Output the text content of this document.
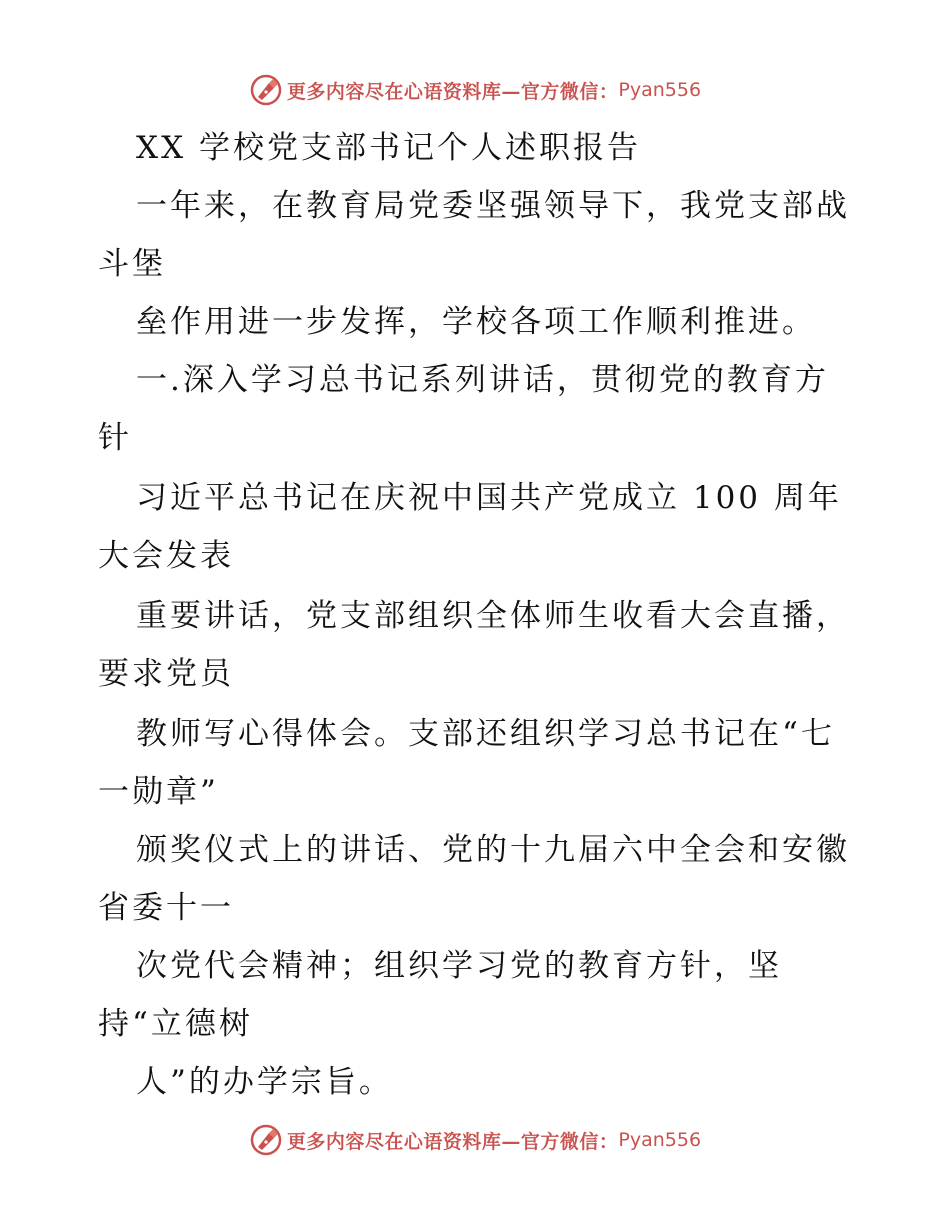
更多内容尽在心语资料库—官方微信： Pyan556
XX 学校党支部书记个人述职报告
一年来，在教育局党委坚强领导下，我党支部战
斗堡
垒作用进一步发挥，学校各项工作顺利推进。
一.深入学习总书记系列讲话，贯彻党的教育方
针
习近平总书记在庆祝中国共产党成立 100 周年
大会发表
重要讲话，党支部组织全体师生收看大会直播，
要求党员
教师写心得体会。支部还组织学习总书记在“七
一勋章”
颁奖仪式上的讲话、党的十九届六中全会和安徽
省委十一
次党代会精神；组织学习党的教育方针，坚
持“立德树
人”的办学宗旨。
更多内容尽在心语资料库—官方微信： Pyan556
